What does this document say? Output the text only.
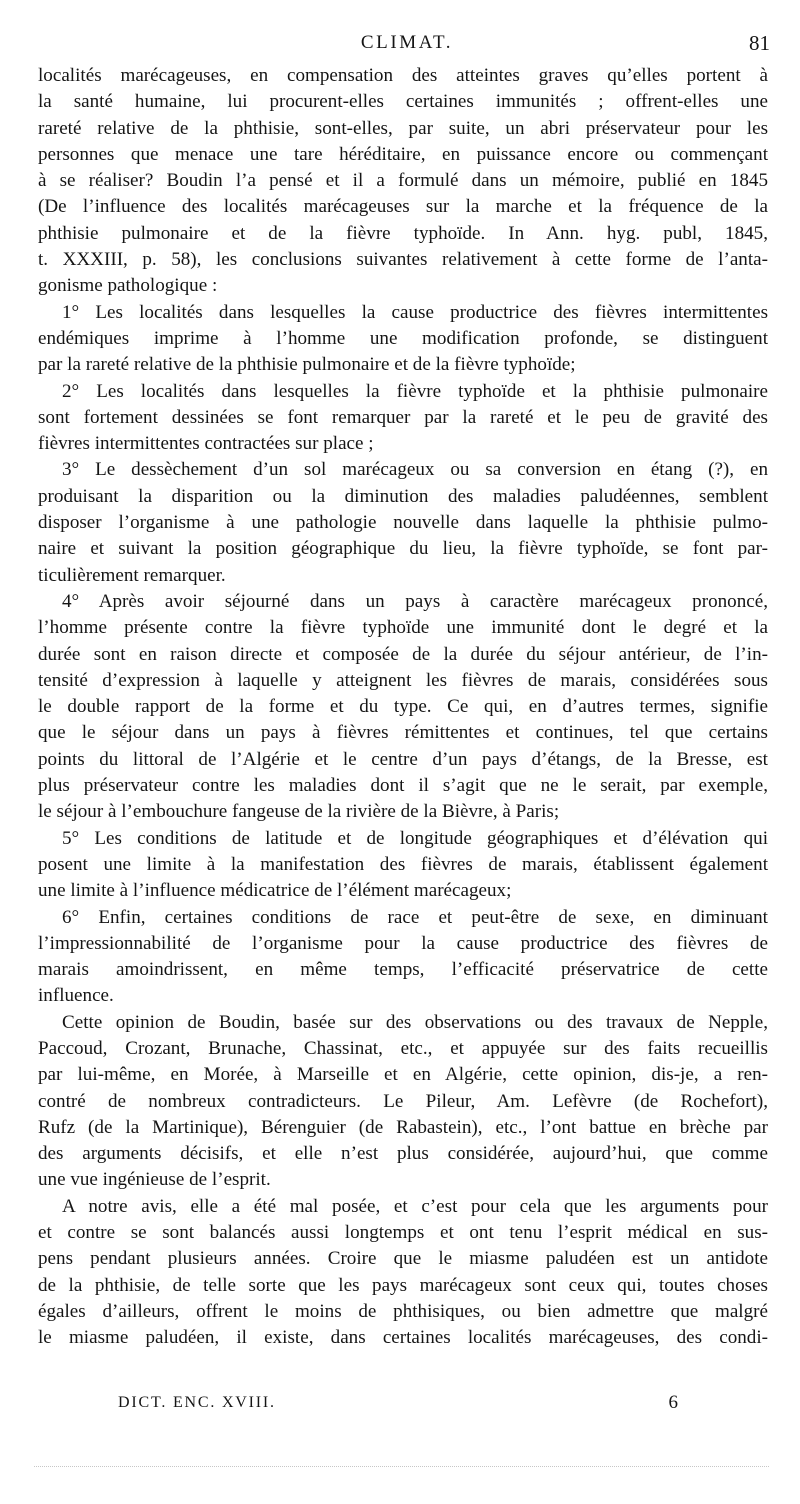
CLIMAT.	81
localités marécageuses, en compensation des atteintes graves qu’elles portent à
la santé humaine, lui procurent-elles certaines immunités ; offrent-elles une
rareté relative de la phthisie, sont-elles, par suite, un abri préservateur pour les
personnes que menace une tare héréditaire, en puissance encore ou commençant
à se réaliser? Boudin l’a pensé et il a formulé dans un mémoire, publié en 1845
(De l’influence des localités marécageuses sur la marche et la fréquence de la
phthisie pulmonaire et de la fièvre typhoïde. In Ann. hyg. publ, 1845,
t. XXXIII, p. 58), les conclusions suivantes relativement à cette forme de l’anta-
gonisme pathologique :
1° Les localités dans lesquelles la cause productrice des fièvres intermittentes
endémiques imprime à l’homme une modification profonde, se distinguent
par la rareté relative de la phthisie pulmonaire et de la fièvre typhoïde;
2° Les localités dans lesquelles la fièvre typhoïde et la phthisie pulmonaire
sont fortement dessinées se font remarquer par la rareté et le peu de gravité des
fièvres intermittentes contractées sur place ;
3° Le dessèchement d’un sol marécageux ou sa conversion en étang (?), en
produisant la disparition ou la diminution des maladies paludéennes, semblent
disposer l’organisme à une pathologie nouvelle dans laquelle la phthisie pulmo-
naire et suivant la position géographique du lieu, la fièvre typhoïde, se font par-
ticulièrement remarquer.
4° Après avoir séjourné dans un pays à caractère marécageux prononcé,
l’homme présente contre la fièvre typhoïde une immunité dont le degré et la
durée sont en raison directe et composée de la durée du séjour antérieur, de l’in-
tensité d’expression à laquelle y atteignent les fièvres de marais, considérées sous
le double rapport de la forme et du type. Ce qui, en d’autres termes, signifie
que le séjour dans un pays à fièvres rémittentes et continues, tel que certains
points du littoral de l’Algérie et le centre d’un pays d’étangs, de la Bresse, est
plus préservateur contre les maladies dont il s’agit que ne le serait, par exemple,
le séjour à l’embouchure fangeuse de la rivière de la Bièvre, à Paris;
5° Les conditions de latitude et de longitude géographiques et d’élévation qui
posent une limite à la manifestation des fièvres de marais, établissent également
une limite à l’influence médicatrice de l’élément marécageux;
6° Enfin, certaines conditions de race et peut-être de sexe, en diminuant
l’impressionnabilité de l’organisme pour la cause productrice des fièvres de
marais amoindrissent, en même temps, l’efficacité préservatrice de cette
influence.
Cette opinion de Boudin, basée sur des observations ou des travaux de Nepple,
Paccoud, Crozant, Brunache, Chassinat, etc., et appuyée sur des faits recueillis
par lui-même, en Morée, à Marseille et en Algérie, cette opinion, dis-je, a ren-
contré de nombreux contradicteurs. Le Pileur, Am. Lefèvre (de Rochefort),
Rufz (de la Martinique), Bérenguier (de Rabastein), etc., l’ont battue en brèche par
des arguments décisifs, et elle n’est plus considérée, aujourd’hui, que comme
une vue ingénieuse de l’esprit.
A notre avis, elle a été mal posée, et c’est pour cela que les arguments pour
et contre se sont balancés aussi longtemps et ont tenu l’esprit médical en sus-
pens pendant plusieurs années. Croire que le miasme paludéen est un antidote
de la phthisie, de telle sorte que les pays marécageux sont ceux qui, toutes choses
égales d’ailleurs, offrent le moins de phthisiques, ou bien admettre que malgré
le miasme paludéen, il existe, dans certaines localités marécageuses, des condi-
DICT. ENC. XVIII.	6
